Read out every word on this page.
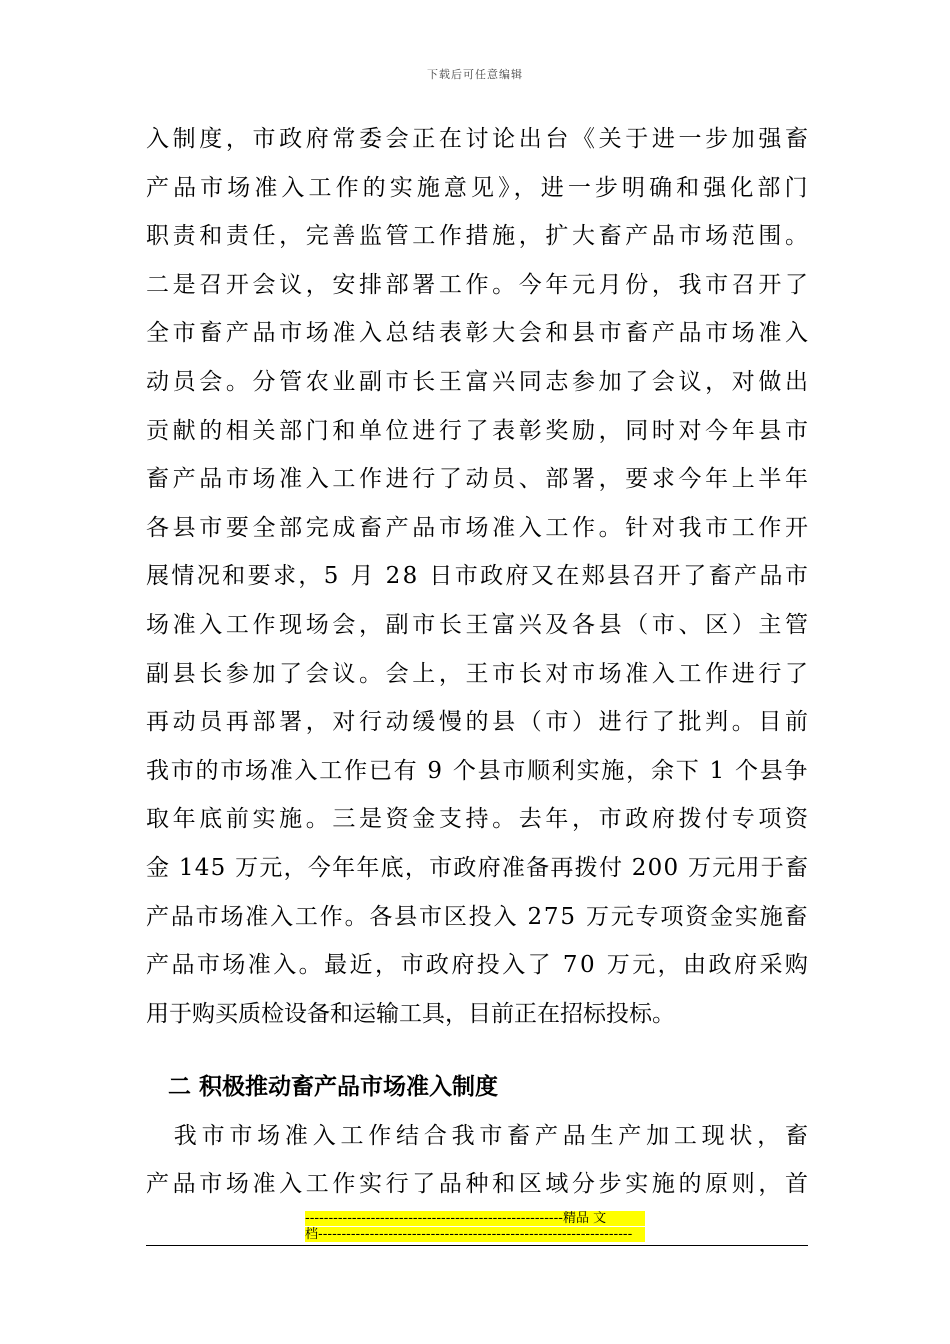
下载后可任意编辑
入制度，市政府常委会正在讨论出台《关于进一步加强畜
产品市场准入工作的实施意见》，进一步明确和强化部门
职责和责任，完善监管工作措施，扩大畜产品市场范围。
二是召开会议，安排部署工作。今年元月份，我市召开了
全市畜产品市场准入总结表彰大会和县市畜产品市场准入
动员会。分管农业副市长王富兴同志参加了会议，对做出
贡献的相关部门和单位进行了表彰奖励，同时对今年县市
畜产品市场准入工作进行了动员、部署，要求今年上半年
各县市要全部完成畜产品市场准入工作。针对我市工作开
展情况和要求，5 月 28 日市政府又在郏县召开了畜产品市
场准入工作现场会，副市长王富兴及各县（市、区）主管
副县长参加了会议。会上，王市长对市场准入工作进行了
再动员再部署，对行动缓慢的县（市）进行了批判。目前
我市的市场准入工作已有 9 个县市顺利实施，余下 1 个县争
取年底前实施。三是资金支持。去年，市政府拨付专项资
金 145 万元，今年年底，市政府准备再拨付 200 万元用于畜
产品市场准入工作。各县市区投入 275 万元专项资金实施畜
产品市场准入。最近，市政府投入了 70 万元，由政府采购
用于购买质检设备和运输工具，目前正在招标投标。
二 积极推动畜产品市场准入制度
　我市市场准入工作结合我市畜产品生产加工现状，畜
产品市场准入工作实行了品种和区域分步实施的原则，首
-------------------------------------------------------精品 文
档-------------------------------------------------------------------
